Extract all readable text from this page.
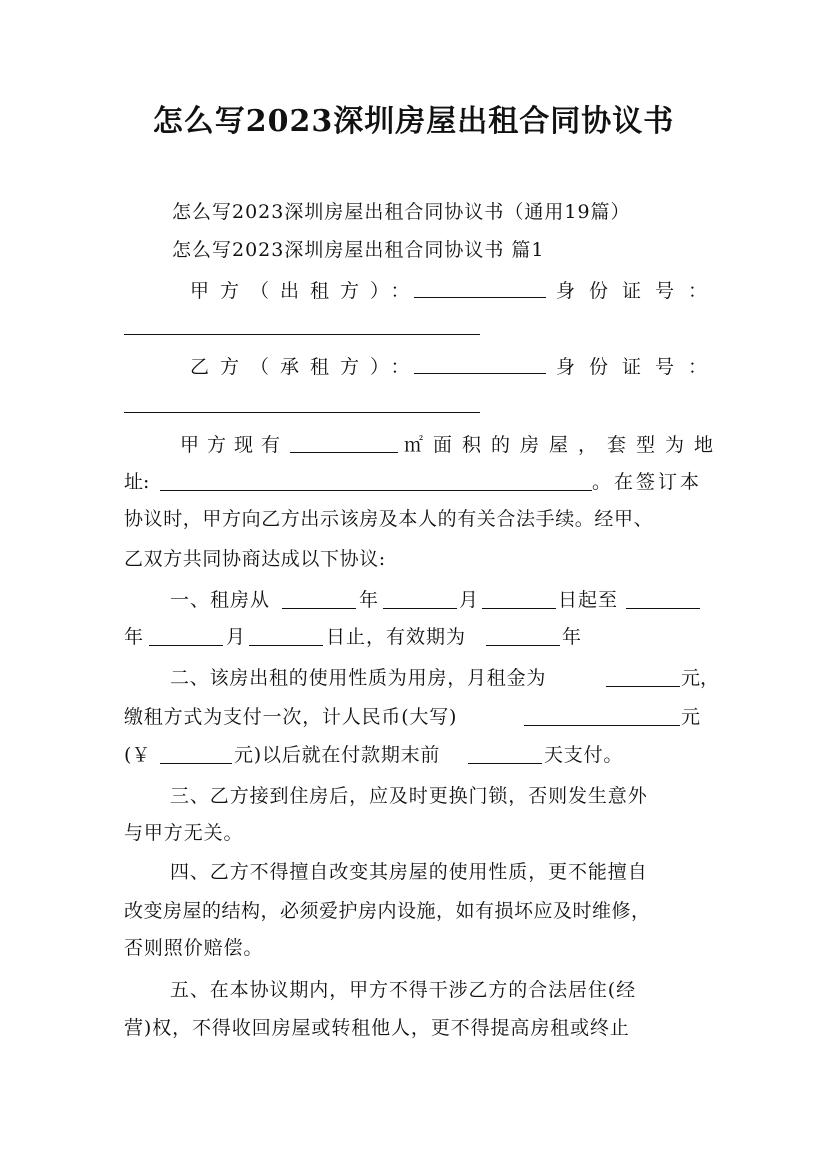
怎么写2023深圳房屋出租合同协议书
怎么写2023深圳房屋出租合同协议书（通用19篇）
怎么写2023深圳房屋出租合同协议书 篇1
甲方（出租方）：	身份证号：
乙方（承租方）：	身份证号：
甲方现有	㎡面积的房屋，套型为地
址:	。在签订本
协议时，甲方向乙方出示该房及本人的有关合法手续。经甲、
乙双方共同协商达成以下协议:
一、租房从	年	月	日起至
年	月	日止，有效期为	年
二、该房出租的使用性质为用房，月租金为	元，
缴租方式为支付一次，计人民币(大写)	元
(￥	元)以后就在付款期末前	天支付。
三、乙方接到住房后，应及时更换门锁，否则发生意外
与甲方无关。
四、乙方不得擅自改变其房屋的使用性质，更不能擅自
改变房屋的结构，必须爱护房内设施，如有损坏应及时维修，
否则照价赔偿。
五、在本协议期内，甲方不得干涉乙方的合法居住(经
营)权，不得收回房屋或转租他人，更不得提高房租或终止
